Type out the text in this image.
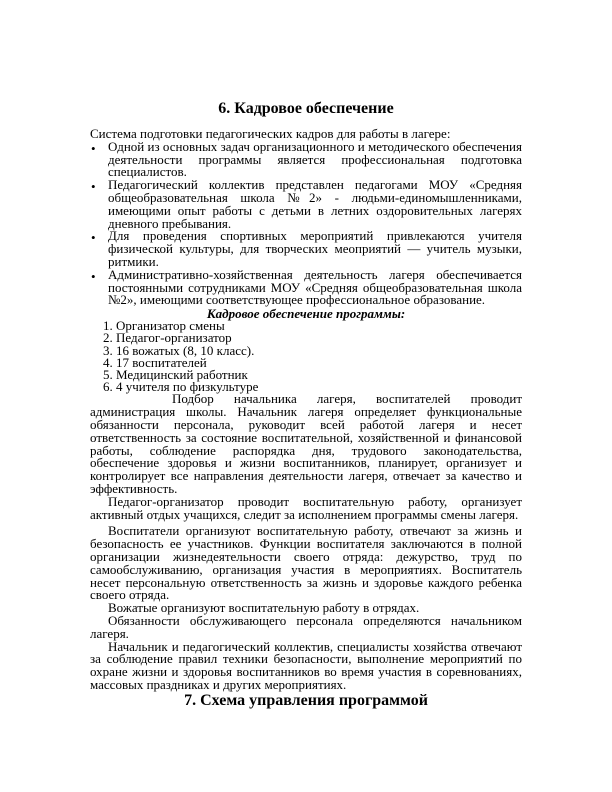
6. Кадровое обеспечение

Система подготовки педагогических кадров для работы в лагере:

• Одной из основных задач организационного и методического обеспечения деятельности программы является профессиональная подготовка специалистов.

• Педагогический коллектив представлен педагогами МОУ «Средняя общеобразовательная школа №2» - людьми-единомышленниками, имеющими опыт работы с детьми в летних оздоровительных лагерях дневного пребывания.

• Для проведения спортивных мероприятий привлекаются учителя физической культуры, для творческих меоприятий — учитель музыки, ритмики.

• Административно-хозяйственная деятельность лагеря обеспечивается постоянными сотрудниками МОУ «Средняя общеобразовательная школа №2», имеющими соответствующее профессиональное образование.

Кадровое обеспечение программы:

1. Организатор смены
2. Педагог-организатор
3. 16 вожатых (8, 10 класс).
4. 17 воспитателей
5. Медицинский работник
6. 4 учителя по физкультуре

Подбор начальника лагеря, воспитателей проводит администрация школы. Начальник лагеря определяет функциональные обязанности персонала, руководит всей работой лагеря и несет ответственность за состояние воспитательной, хозяйственной и финансовой работы, соблюдение распорядка дня, трудового законодательства, обеспечение здоровья и жизни воспитанников, планирует, организует и контролирует все направления деятельности лагеря, отвечает за качество и эффективность.

Педагог-организатор проводит воспитательную работу, организует активный отдых учащихся, следит за исполнением программы смены лагеря.

Воспитатели организуют воспитательную работу, отвечают за жизнь и безопасность ее участников. Функции воспитателя заключаются в полной организации жизнедеятельности своего отряда: дежурство, труд по самообслуживанию, организация участия в мероприятиях. Воспитатель несет персональную ответственность за жизнь и здоровье каждого ребенка своего отряда.

Вожатые организуют воспитательную работу в отрядах.

Обязанности обслуживающего персонала определяются начальником лагеря.

Начальник и педагогический коллектив, специалисты хозяйства отвечают за соблюдение правил техники безопасности, выполнение мероприятий по охране жизни и здоровья воспитанников во время участия в соревнованиях, массовых праздниках и других мероприятиях.

7. Схема управления программой
